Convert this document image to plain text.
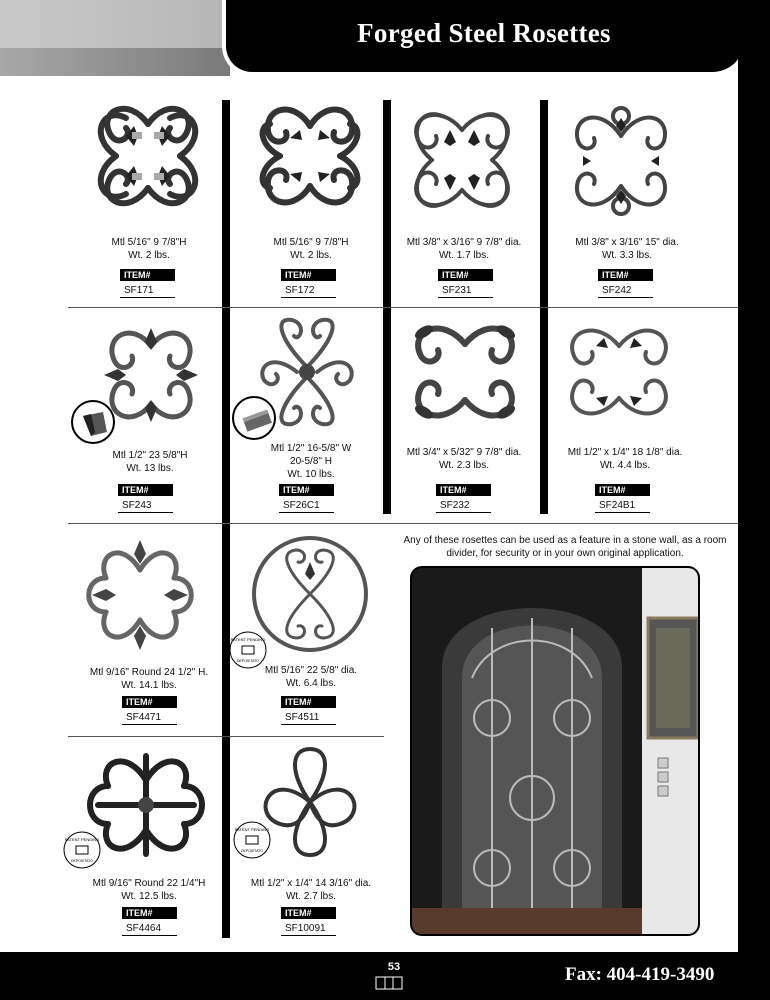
Forged Steel Rosettes
PATENT PENDING
DEPOSITATO
PATENT PENDING
DEPOSITATO
PATENT PENDING
DEPOSITATO
Mtl 5/16" 9 7/8"H
Wt. 2 lbs.
ITEM#
SF171
Mtl 5/16" 9 7/8"H
Wt. 2 lbs.
ITEM#
SF172
Mtl 3/8" x 3/16" 9 7/8" dia.
Wt. 1.7 lbs.
ITEM#
SF231
Mtl 3/8" x 3/16" 15" dia.
Wt. 3.3 lbs.
ITEM#
SF242
Mtl 1/2" 23 5/8"H
Wt. 13 lbs.
ITEM#
SF243
Mtl 1/2" 16-5/8" W
20-5/8" H
Wt. 10 lbs.
ITEM#
SF26C1
Mtl 3/4" x 5/32" 9 7/8" dia.
Wt. 2.3 lbs.
ITEM#
SF232
Mtl 1/2" x 1/4" 18 1/8" dia.
Wt. 4.4 lbs.
ITEM#
SF24B1
Mtl 9/16" Round 24 1/2" H.
Wt. 14.1 lbs.
ITEM#
SF4471
Mtl 5/16" 22 5/8" dia.
Wt. 6.4 lbs.
ITEM#
SF4511
Mtl 9/16" Round 22 1/4"H
Wt. 12.5 lbs.
ITEM#
SF4464
Mtl 1/2" x 1/4" 14 3/16" dia.
Wt. 2.7 lbs.
ITEM#
SF10091
Any of these rosettes can be used as a feature in a stone wall, as a room divider, for security or in your own original application.
53	Fax: 404-419-3490
